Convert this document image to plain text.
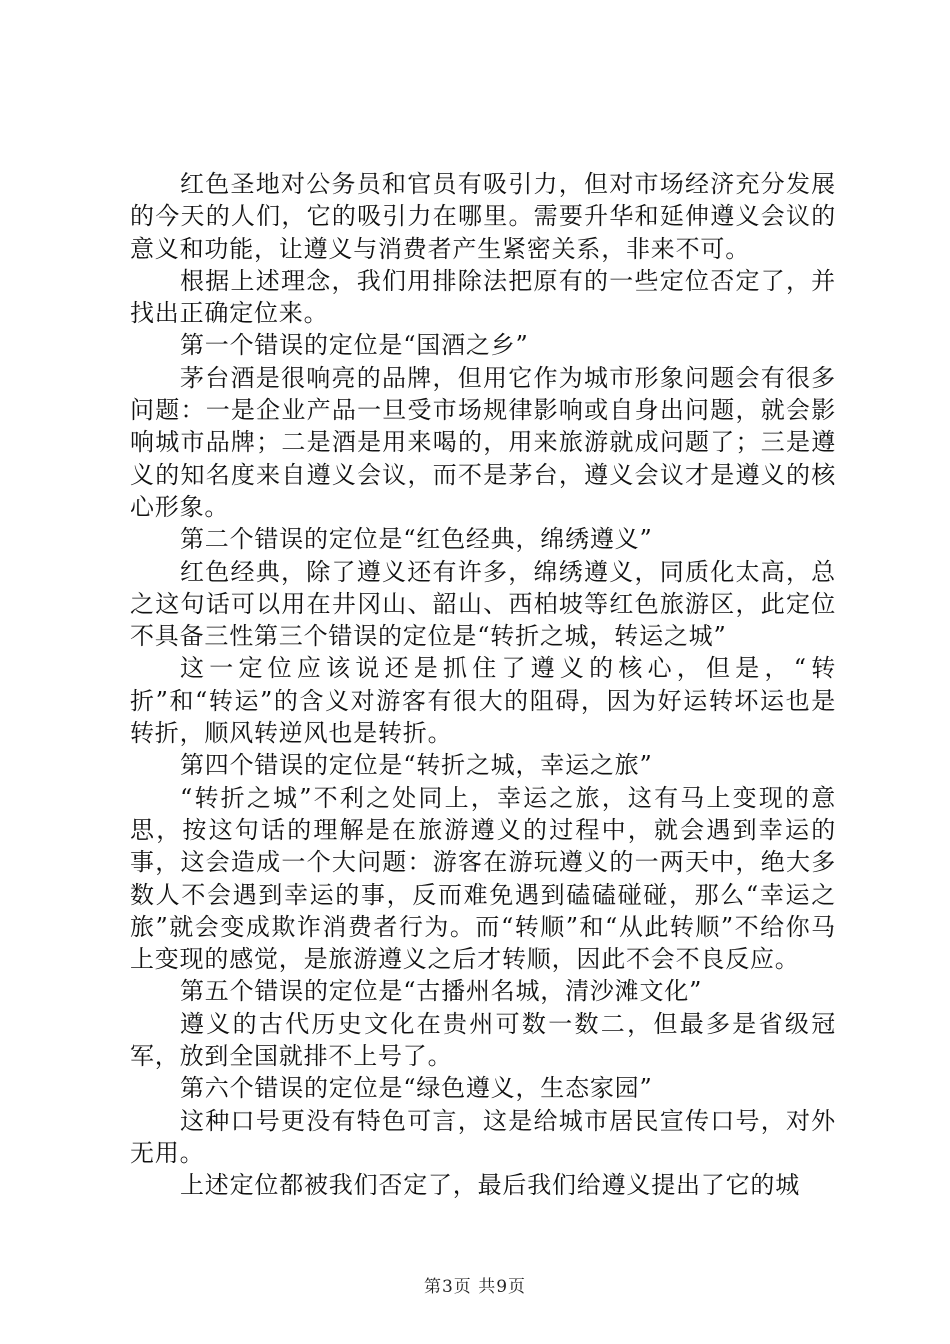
红色圣地对公务员和官员有吸引力，但对市场经济充分发展的今天的人们，它的吸引力在哪里。需要升华和延伸遵义会议的意义和功能，让遵义与消费者产生紧密关系，非来不可。

根据上述理念，我们用排除法把原有的一些定位否定了，并找出正确定位来。

第一个错误的定位是“国酒之乡”

茅台酒是很响亮的品牌，但用它作为城市形象问题会有很多问题：一是企业产品一旦受市场规律影响或自身出问题，就会影响城市品牌；二是酒是用来喝的，用来旅游就成问题了；三是遵义的知名度来自遵义会议，而不是茅台，遵义会议才是遵义的核心形象。

第二个错误的定位是“红色经典，绵绣遵义”

红色经典，除了遵义还有许多，绵绣遵义，同质化太高，总之这句话可以用在井冈山、韶山、西柏坡等红色旅游区，此定位不具备三性第三个错误的定位是“转折之城，转运之城”

这一定位应该说还是抓住了遵义的核心，但是，“转折”和“转运”的含义对游客有很大的阻碍，因为好运转坏运也是转折，顺风转逆风也是转折。

第四个错误的定位是“转折之城，幸运之旅”

“转折之城”不利之处同上，幸运之旅，这有马上变现的意思，按这句话的理解是在旅游遵义的过程中，就会遇到幸运的事，这会造成一个大问题：游客在游玩遵义的一两天中，绝大多数人不会遇到幸运的事，反而难免遇到磕磕碰碰，那么“幸运之旅”就会变成欺诈消费者行为。而“转顺”和“从此转顺”不给你马上变现的感觉，是旅游遵义之后才转顺，因此不会不良反应。

第五个错误的定位是“古播州名城，清沙滩文化”

遵义的古代历史文化在贵州可数一数二，但最多是省级冠军，放到全国就排不上号了。

第六个错误的定位是“绿色遵义，生态家园”

这种口号更没有特色可言，这是给城市居民宣传口号，对外无用。

上述定位都被我们否定了，最后我们给遵义提出了它的城

第3页 共9页
